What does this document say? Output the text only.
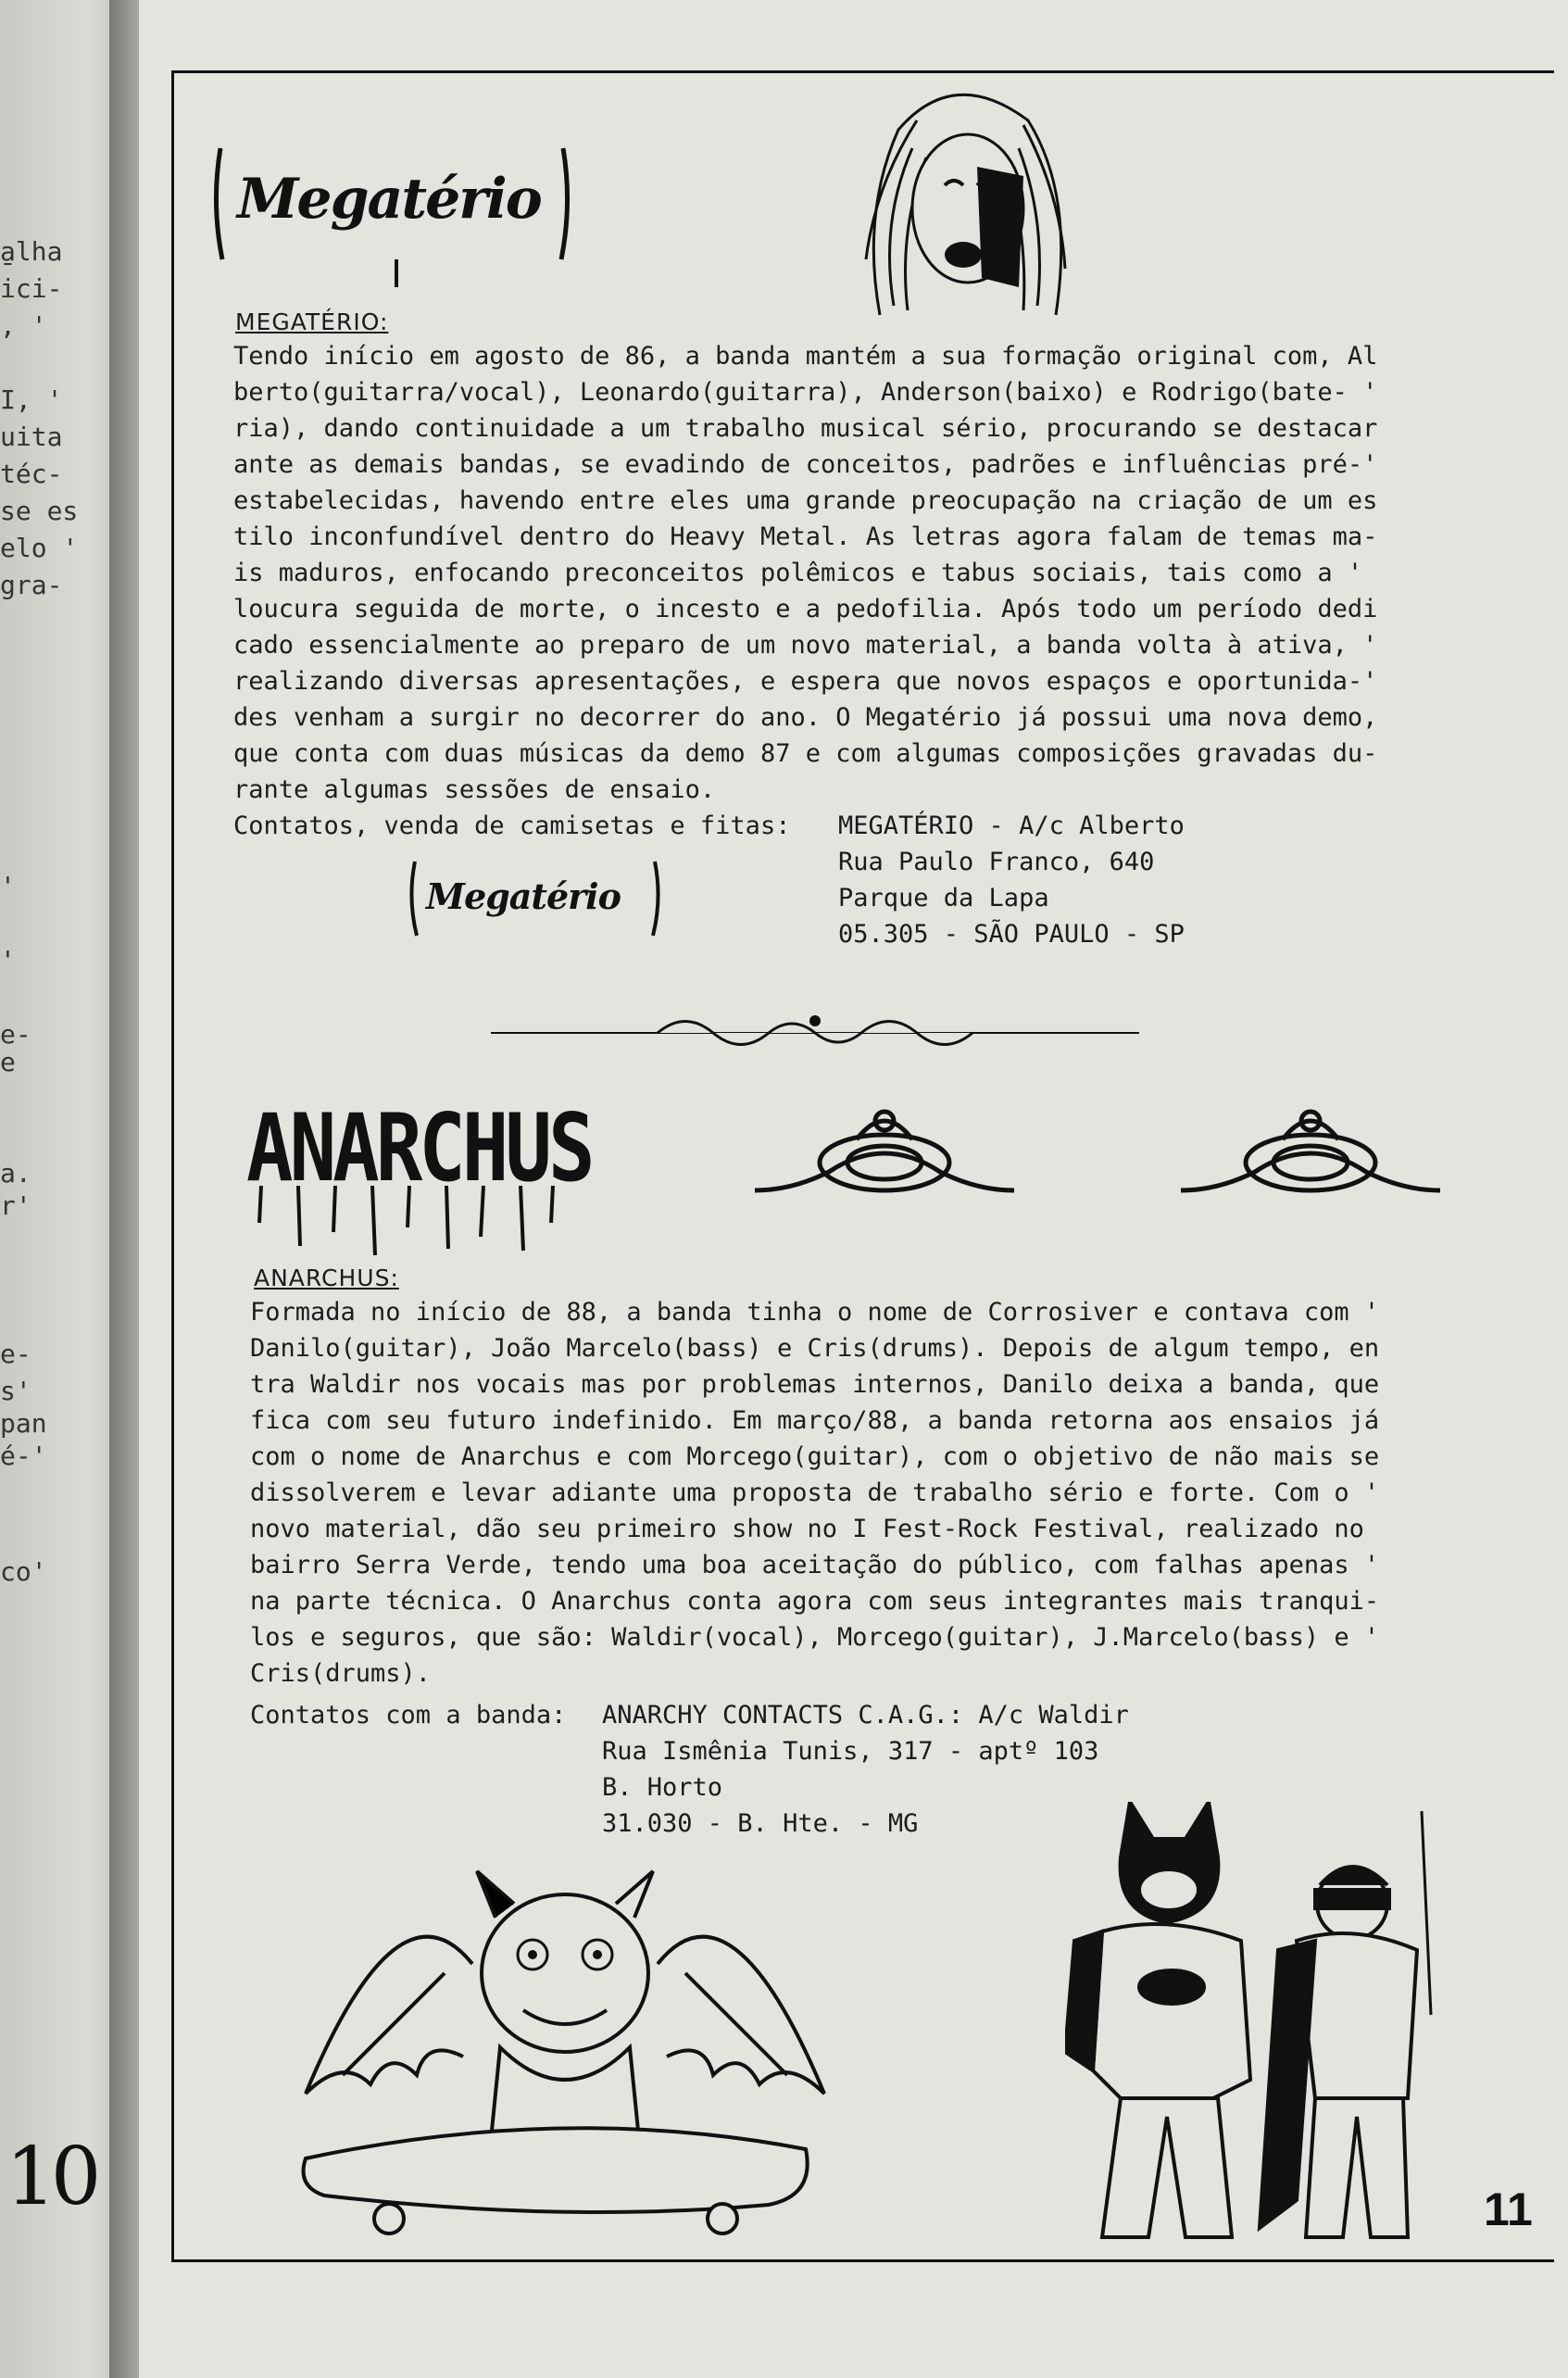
a̱lha
ici-
, '
I, '
uita
téc-
se es
elo '
gra-
'
'
e-
e
a.
r'
e-
s'
pan
é-'
co'
10
Megatério
MEGATÉRIO:
Tendo início em agosto de 86, a banda mantém a sua formação original com, Al
berto(guitarra/vocal), Leonardo(guitarra), Anderson(baixo) e Rodrigo(bate- '
ria), dando continuidade a um trabalho musical sério, procurando se destacar
ante as demais bandas, se evadindo de conceitos, padrões e influências pré-'
estabelecidas, havendo entre eles uma grande preocupação na criação de um es
tilo inconfundível dentro do Heavy Metal. As letras agora falam de temas ma-
is maduros, enfocando preconceitos polêmicos e tabus sociais, tais como a '
loucura seguida de morte, o incesto e a pedofilia. Após todo um período dedi
cado essencialmente ao preparo de um novo material, a banda volta à ativa, '
realizando diversas apresentações, e espera que novos espaços e oportunida-'
des venham a surgir no decorrer do ano. O Megatério já possui uma nova demo,
que conta com duas músicas da demo 87 e com algumas composições gravadas du-
rante algumas sessões de ensaio.
Contatos, venda de camisetas e fitas: MEGATÉRIO - A/c Alberto
Rua Paulo Franco, 640
Parque da Lapa
05.305 - SÃO PAULO - SP
Megatério
ANARCHUS
ANARCHUS:
Formada no início de 88, a banda tinha o nome de Corrosiver e contava com '
Danilo(guitar), João Marcelo(bass) e Cris(drums). Depois de algum tempo, en
tra Waldir nos vocais mas por problemas internos, Danilo deixa a banda, que
fica com seu futuro indefinido. Em março/88, a banda retorna aos ensaios já
com o nome de Anarchus e com Morcego(guitar), com o objetivo de não mais se
dissolverem e levar adiante uma proposta de trabalho sério e forte. Com o '
novo material, dão seu primeiro show no I Fest-Rock Festival, realizado no
bairro Serra Verde, tendo uma boa aceitação do público, com falhas apenas '
na parte técnica. O Anarchus conta agora com seus integrantes mais tranqui-
los e seguros, que são: Waldir(vocal), Morcego(guitar), J.Marcelo(bass) e '
Cris(drums).
Contatos com a banda: ANARCHY CONTACTS C.A.G.: A/c Waldir
Rua Ismênia Tunis, 317 - aptº 103
B. Horto
31.030 - B. Hte. - MG
11
